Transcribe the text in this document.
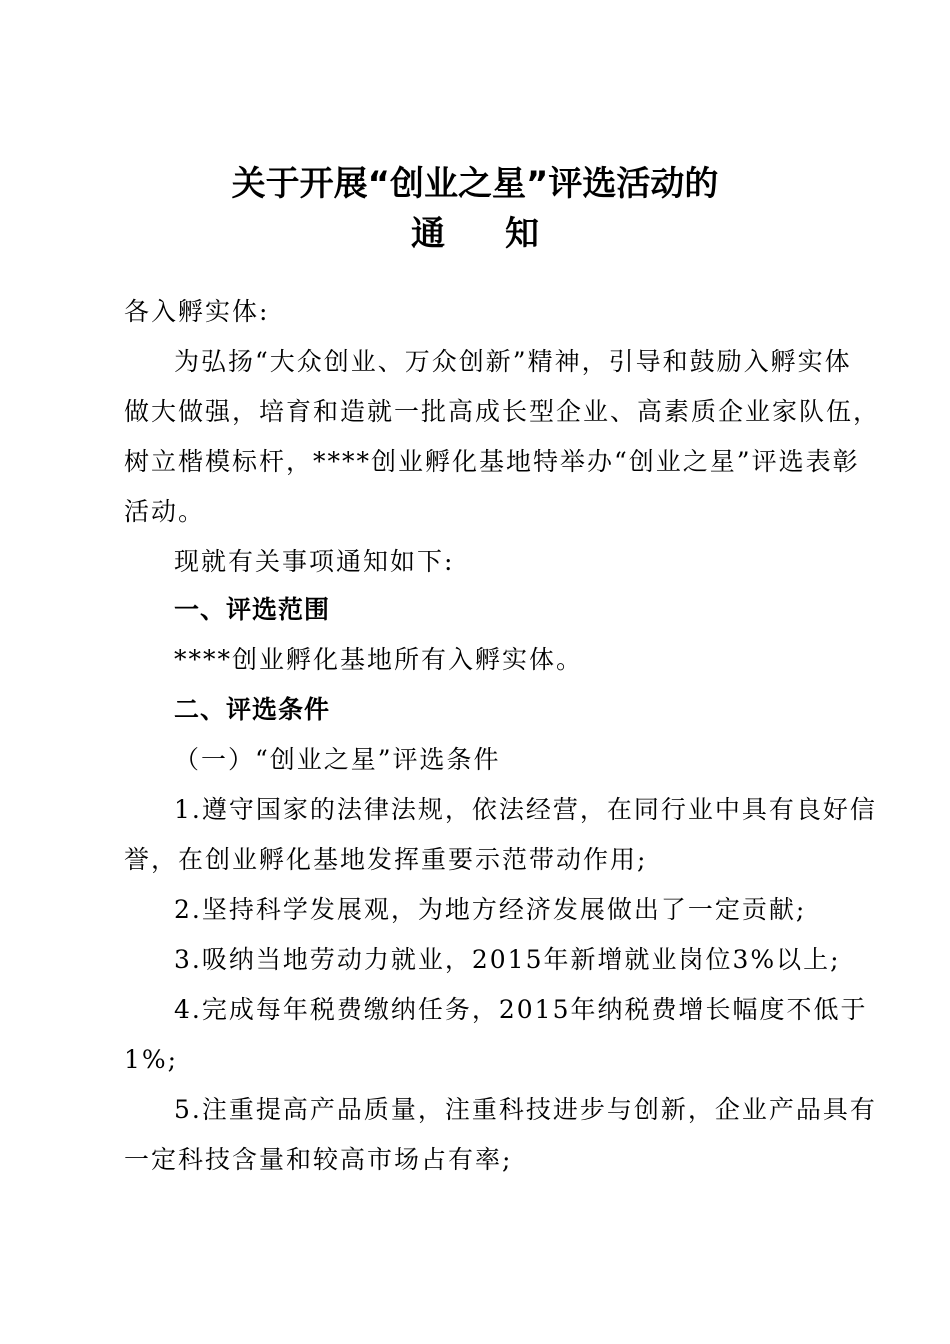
关于开展“创业之星”评选活动的
通知
各入孵实体:
为弘扬“大众创业、万众创新”精神，引导和鼓励入孵实体
做大做强，培育和造就一批高成长型企业、高素质企业家队伍，
树立楷模标杆，****创业孵化基地特举办“创业之星”评选表彰
活动。
现就有关事项通知如下:
一、评选范围
****创业孵化基地所有入孵实体。
二、评选条件
（一）“创业之星”评选条件
1.遵守国家的法律法规，依法经营，在同行业中具有良好信
誉，在创业孵化基地发挥重要示范带动作用;
2.坚持科学发展观，为地方经济发展做出了一定贡献;
3.吸纳当地劳动力就业，2015年新增就业岗位3%以上;
4.完成每年税费缴纳任务，2015年纳税费增长幅度不低于
1%;
5.注重提高产品质量，注重科技进步与创新，企业产品具有
一定科技含量和较高市场占有率;
